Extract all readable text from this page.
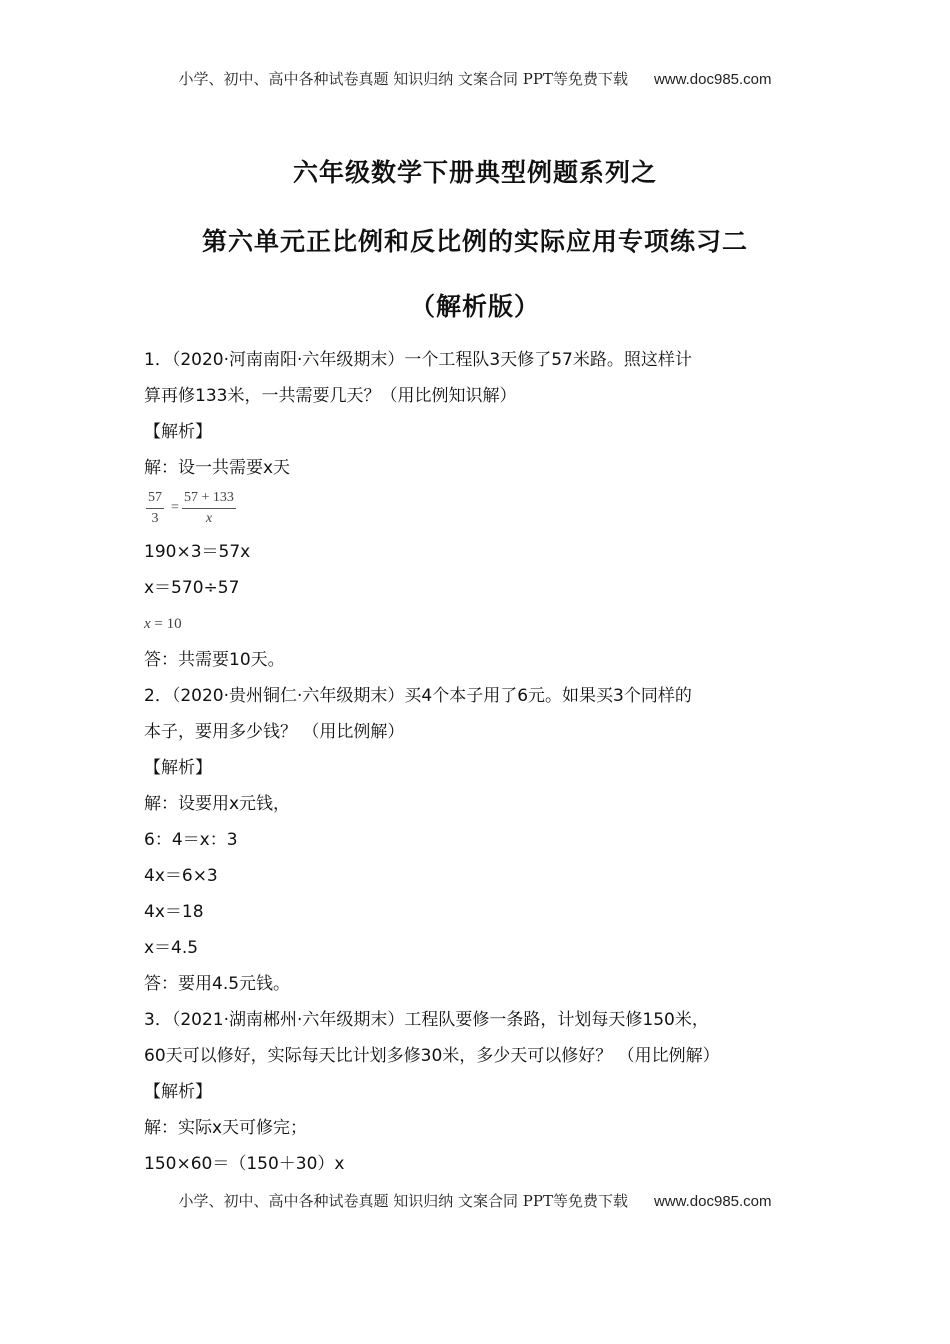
小学、初中、高中各种试卷真题 知识归纳 文案合同 PPT等免费下载 www.doc985.com
六年级数学下册典型例题系列之
第六单元正比例和反比例的实际应用专项练习二
（解析版）
1．（2020·河南南阳·六年级期末）一个工程队3天修了57米路。照这样计
算再修133米，一共需要几天？（用比例知识解）
【解析】
解：设一共需要x天
$\frac{57}{3} = \frac{57 + 133}{x}$
190×3＝57x
x＝570÷57
x = 10
答：共需要10天。
2．（2020·贵州铜仁·六年级期末）买4个本子用了6元。如果买3个同样的
本子，要用多少钱？ （用比例解）
【解析】
解：设要用x元钱，
6：4＝x：3
4x＝6×3
4x＝18
x＝4.5
答：要用4.5元钱。
3．（2021·湖南郴州·六年级期末）工程队要修一条路，计划每天修150米，
60天可以修好，实际每天比计划多修30米，多少天可以修好？ （用比例解）
【解析】
解：实际x天可修完；
150×60＝（150＋30）x
小学、初中、高中各种试卷真题 知识归纳 文案合同 PPT等免费下载 www.doc985.com
